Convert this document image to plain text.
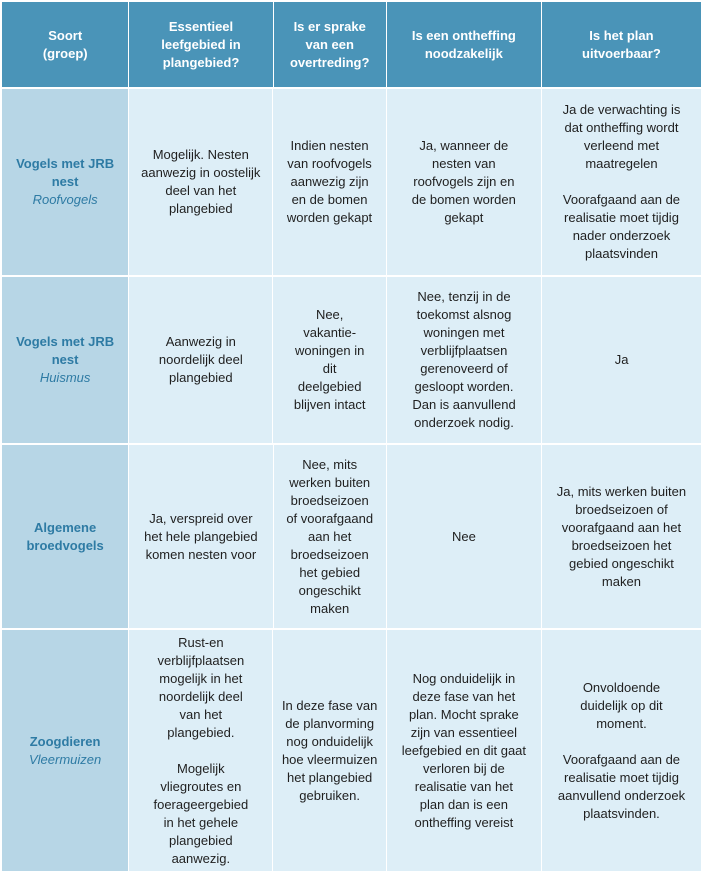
Soort (groep)
Essentieel leefgebied in plangebied?
Is er sprake van een overtreding?
Is een ontheffing noodzakelijk
Is het plan uitvoerbaar?
Vogels met JRB nest
Roofvogels
Mogelijk. Nesten aanwezig in oostelijk deel van het plangebied
Indien nesten van roofvogels aanwezig zijn en de bomen worden gekapt
Ja, wanneer de nesten van roofvogels zijn en de bomen worden gekapt
Ja de verwachting is dat ontheffing wordt verleend met maatregelen
Voorafgaand aan de realisatie moet tijdig nader onderzoek plaatsvinden
Vogels met JRB nest
Huismus
Aanwezig in noordelijk deel plangebied
Nee, vakantie-woningen in dit deelgebied blijven intact
Nee, tenzij in de toekomst alsnog woningen met verblijfplaatsen gerenoveerd of gesloopt worden. Dan is aanvullend onderzoek nodig.
Ja
Algemene broedvogels
Ja, verspreid over het hele plangebied komen nesten voor
Nee, mits werken buiten broedseizoen of voorafgaand aan het broedseizoen het gebied ongeschikt maken
Nee
Ja, mits werken buiten broedseizoen of voorafgaand aan het broedseizoen het gebied ongeschikt maken
Zoogdieren
Vleermuizen
Rust-en verblijfplaatsen mogelijk in het noordelijk deel van het plangebied.
Mogelijk vliegroutes en foerageergebied in het gehele plangebied aanwezig.
In deze fase van de planvorming nog onduidelijk hoe vleermuizen het plangebied gebruiken.
Nog onduidelijk in deze fase van het plan. Mocht sprake zijn van essentieel leefgebied en dit gaat verloren bij de realisatie van het plan dan is een ontheffing vereist
Onvoldoende duidelijk op dit moment.
Voorafgaand aan de realisatie moet tijdig aanvullend onderzoek plaatsvinden.
